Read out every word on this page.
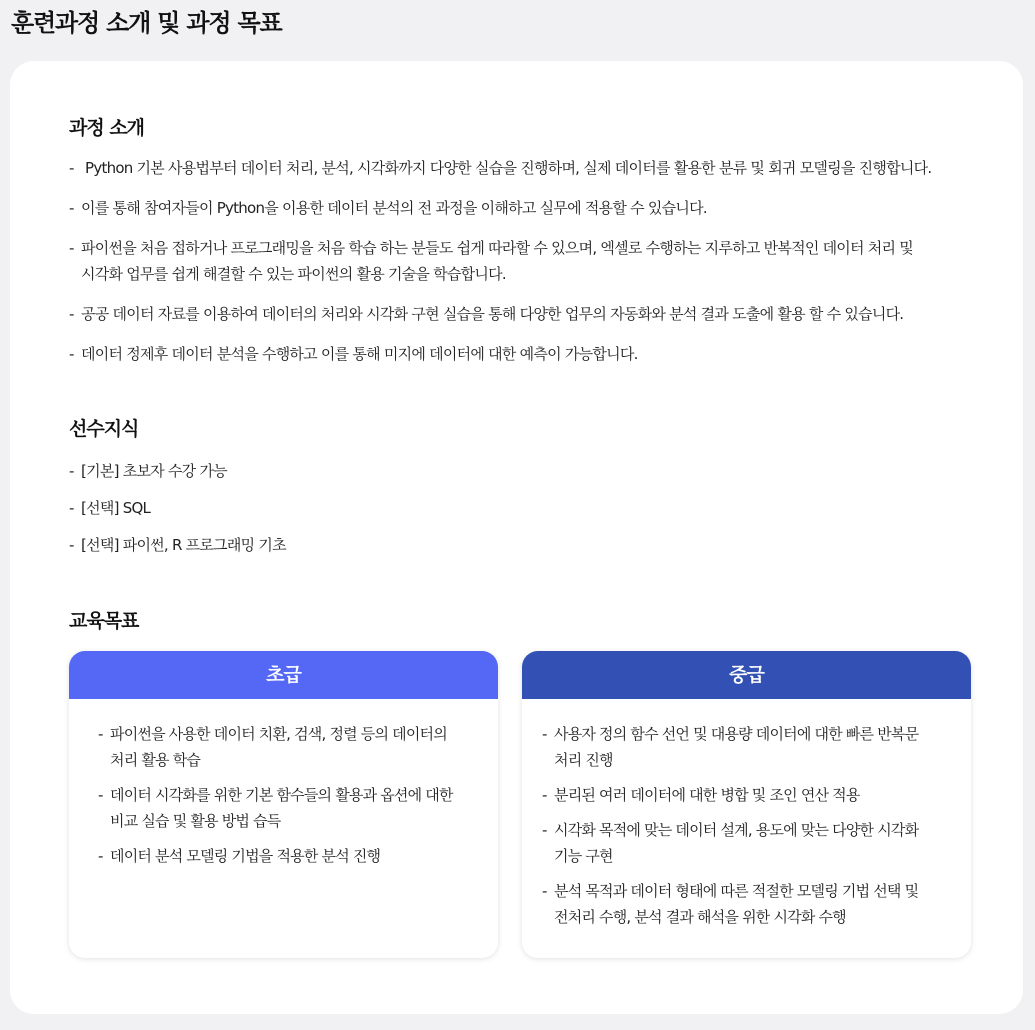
훈련과정 소개 및 과정 목표
과정 소개
- Python 기본 사용법부터 데이터 처리, 분석, 시각화까지 다양한 실습을 진행하며, 실제 데이터를 활용한 분류 및 회귀 모델링을 진행합니다.
- 이를 통해 참여자들이 Python을 이용한 데이터 분석의 전 과정을 이해하고 실무에 적용할 수 있습니다.
- 파이썬을 처음 접하거나 프로그래밍을 처음 학습 하는 분들도 쉽게 따라할 수 있으며, 엑셀로 수행하는 지루하고 반복적인 데이터 처리 및
시각화 업무를 쉽게 해결할 수 있는 파이썬의 활용 기술을 학습합니다.
- 공공 데이터 자료를 이용하여 데이터의 처리와 시각화 구현 실습을 통해 다양한 업무의 자동화와 분석 결과 도출에 활용 할 수 있습니다.
- 데이터 정제후 데이터 분석을 수행하고 이를 통해 미지에 데이터에 대한 예측이 가능합니다.
선수지식
- [기본] 초보자 수강 가능
- [선택] SQL
- [선택] 파이썬, R 프로그래밍 기초
교육목표
초급
- 파이썬을 사용한 데이터 치환, 검색, 정렬 등의 데이터의
처리 활용 학습
- 데이터 시각화를 위한 기본 함수들의 활용과 옵션에 대한
비교 실습 및 활용 방법 습득
- 데이터 분석 모델링 기법을 적용한 분석 진행
중급
- 사용자 정의 함수 선언 및 대용량 데이터에 대한 빠른 반복문
처리 진행
- 분리된 여러 데이터에 대한 병합 및 조인 연산 적용
- 시각화 목적에 맞는 데이터 설계, 용도에 맞는 다양한 시각화
기능 구현
- 분석 목적과 데이터 형태에 따른 적절한 모델링 기법 선택 및
전처리 수행, 분석 결과 해석을 위한 시각화 수행
